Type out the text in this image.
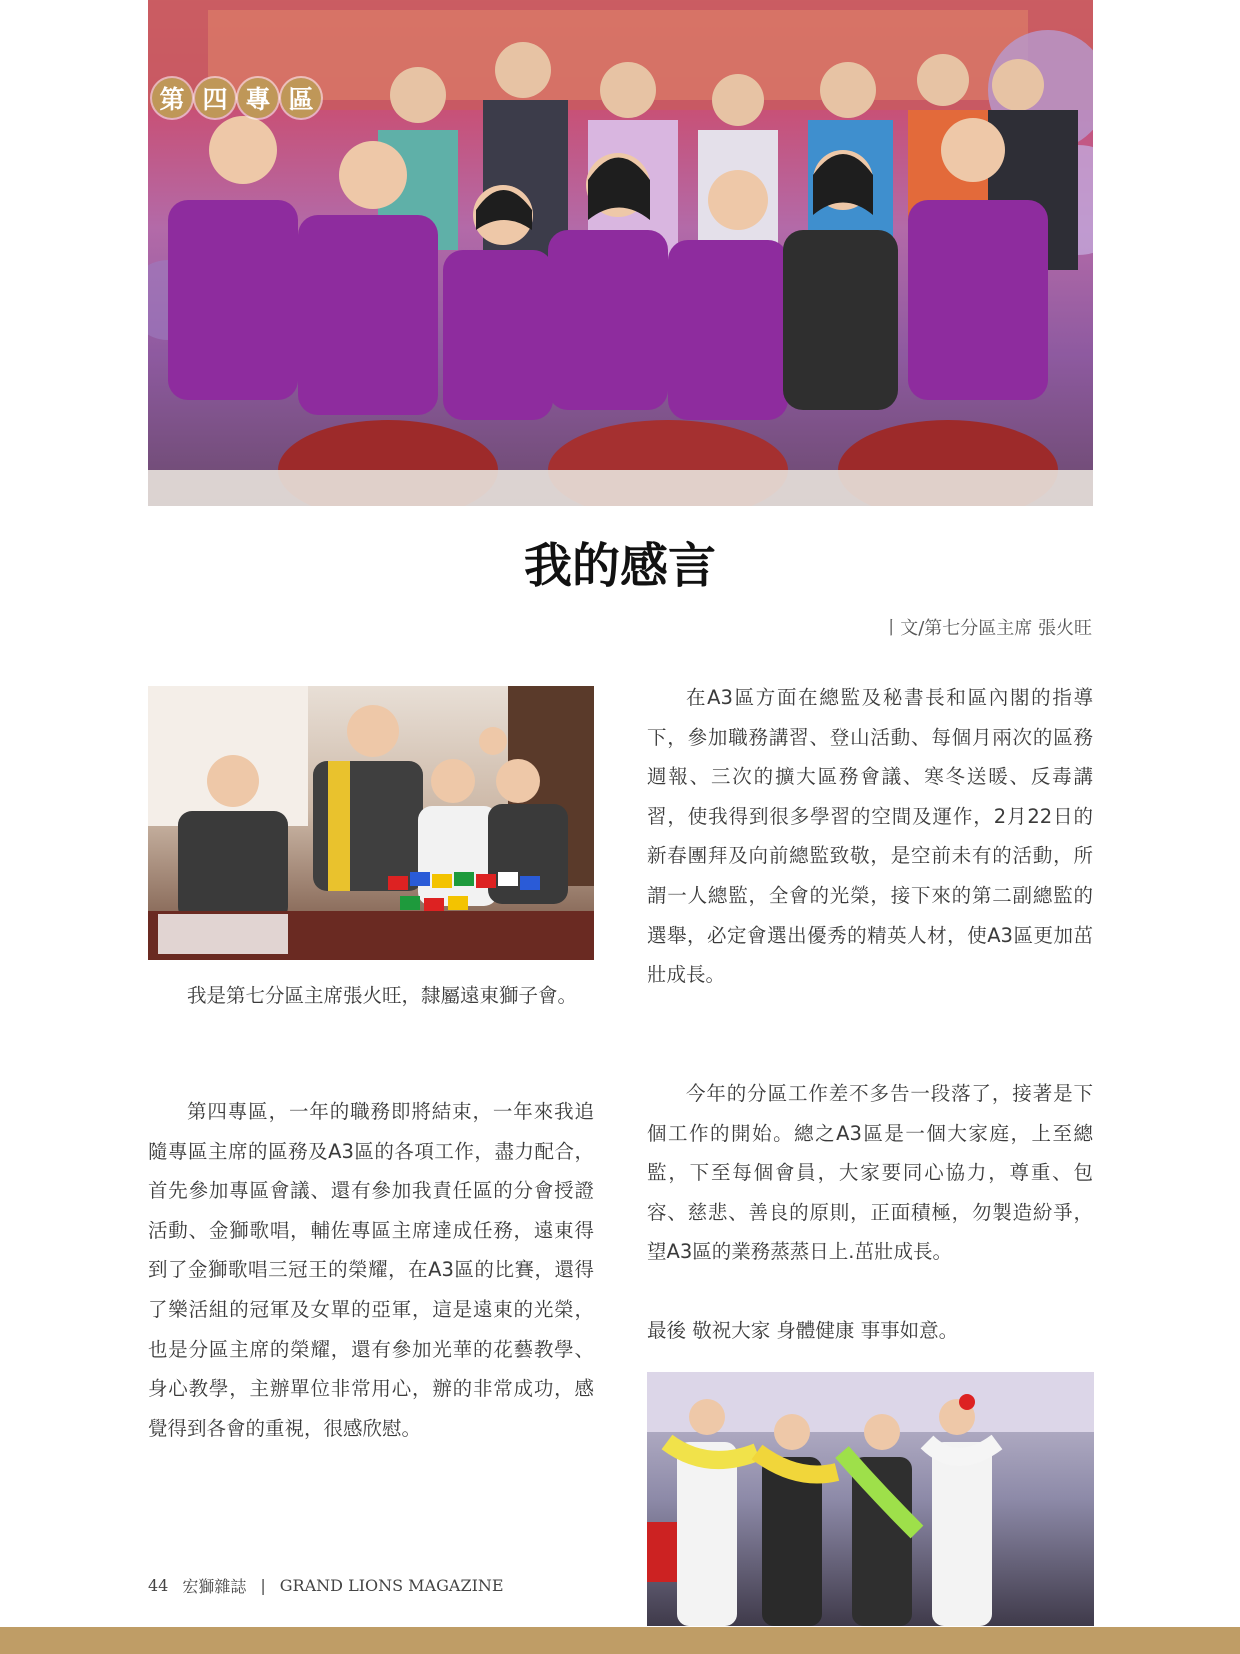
第 四 專 區
我的感言
丨文/第七分區主席 張火旺

我是第七分區主席張火旺，隸屬遠東獅子會。

第四專區，一年的職務即將結束，一年來我追隨專區主席的區務及A3區的各項工作，盡力配合，首先參加專區會議、還有參加我責任區的分會授證活動、金獅歌唱，輔佐專區主席達成任務，遠東得到了金獅歌唱三冠王的榮耀，在A3區的比賽，還得了樂活組的冠軍及女單的亞軍，這是遠東的光榮，也是分區主席的榮耀，還有參加光華的花藝教學、身心教學，主辦單位非常用心，辦的非常成功，感覺得到各會的重視，很感欣慰。

在A3區方面在總監及秘書長和區內閣的指導下，參加職務講習、登山活動、每個月兩次的區務週報、三次的擴大區務會議、寒冬送暖、反毒講習，使我得到很多學習的空間及運作，2月22日的新春團拜及向前總監致敬，是空前未有的活動，所謂一人總監，全會的光榮，接下來的第二副總監的選舉，必定會選出優秀的精英人材，使A3區更加茁壯成長。

今年的分區工作差不多告一段落了，接著是下個工作的開始。總之A3區是一個大家庭，上至總監，下至每個會員，大家要同心協力，尊重、包容、慈悲、善良的原則，正面積極，勿製造紛爭，望A3區的業務蒸蒸日上.茁壯成長。

最後 敬祝大家 身體健康 事事如意。

44 宏獅雜誌 | GRAND LIONS MAGAZINE
